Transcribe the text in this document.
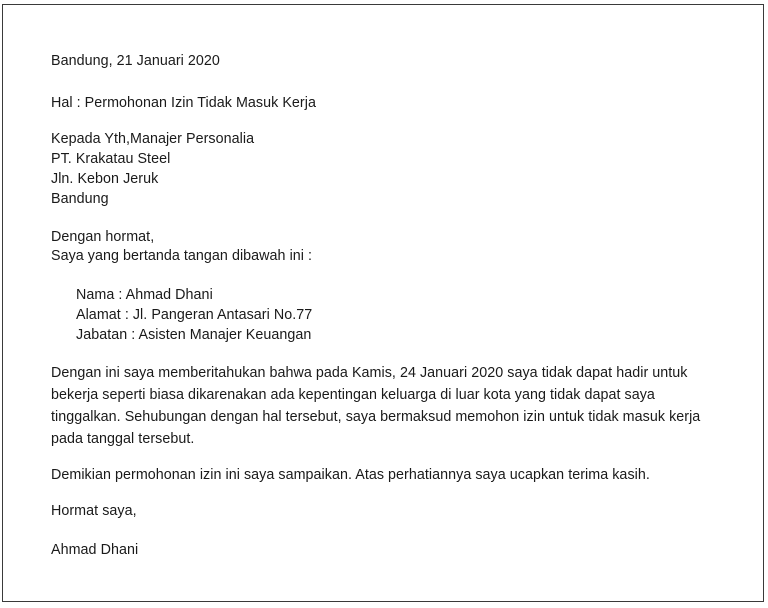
Bandung, 21 Januari 2020
Hal : Permohonan Izin Tidak Masuk Kerja
Kepada Yth,Manajer Personalia
PT. Krakatau Steel
Jln. Kebon Jeruk
Bandung
Dengan hormat,
Saya yang bertanda tangan dibawah ini :
Nama : Ahmad Dhani
Alamat : Jl. Pangeran Antasari No.77
Jabatan : Asisten Manajer Keuangan
Dengan ini saya memberitahukan bahwa pada Kamis, 24 Januari 2020 saya tidak dapat hadir untuk
bekerja seperti biasa dikarenakan ada kepentingan keluarga di luar kota yang tidak dapat saya
tinggalkan. Sehubungan dengan hal tersebut, saya bermaksud memohon izin untuk tidak masuk kerja
pada tanggal tersebut.
Demikian permohonan izin ini saya sampaikan. Atas perhatiannya saya ucapkan terima kasih.
Hormat saya,
Ahmad Dhani
